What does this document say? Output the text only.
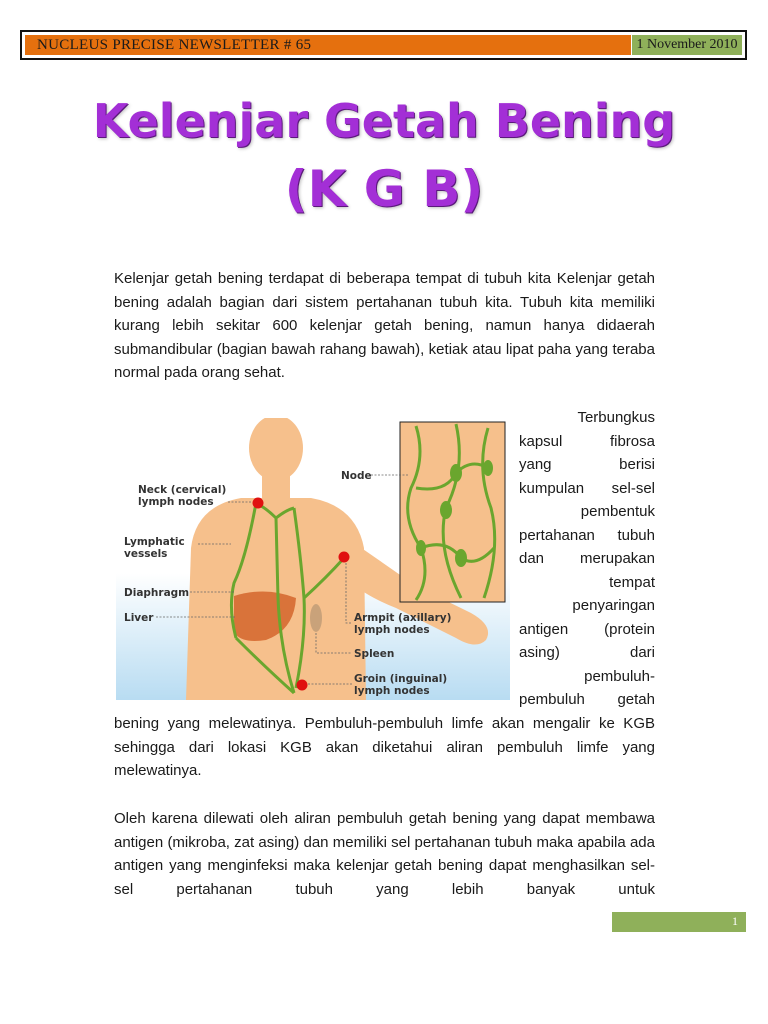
NUCLEUS PRECISE NEWSLETTER # 65	1 November 2010
Kelenjar Getah Bening
(K G B)

Kelenjar getah bening terdapat di beberapa tempat di tubuh kita Kelenjar getah bening adalah bagian dari sistem pertahanan tubuh kita. Tubuh kita memiliki kurang lebih sekitar 600 kelenjar getah bening, namun hanya didaerah submandibular (bagian bawah rahang bawah), ketiak atau lipat paha yang teraba normal pada orang sehat.

Neck (cervical)
lymph nodes
Lymphatic
vessels
Diaphragm
Liver
Node
Armpit (axillary)
lymph nodes
Spleen
Groin (inguinal)
lymph nodes
Terbungkus
kapsul fibrosa
yang berisi
kumpulan sel-sel
pembentuk
pertahanan tubuh
dan merupakan
tempat
penyaringan
antigen (protein
asing) dari
pembuluh-
pembuluh getah

bening yang melewatinya. Pembuluh-pembuluh limfe akan mengalir ke KGB sehingga dari lokasi KGB akan diketahui aliran pembuluh limfe yang melewatinya.

Oleh karena dilewati oleh aliran pembuluh getah bening yang dapat membawa antigen (mikroba, zat asing) dan memiliki sel pertahanan tubuh maka apabila ada antigen yang menginfeksi maka kelenjar getah bening dapat menghasilkan sel-sel pertahanan tubuh yang lebih banyak untuk

1
